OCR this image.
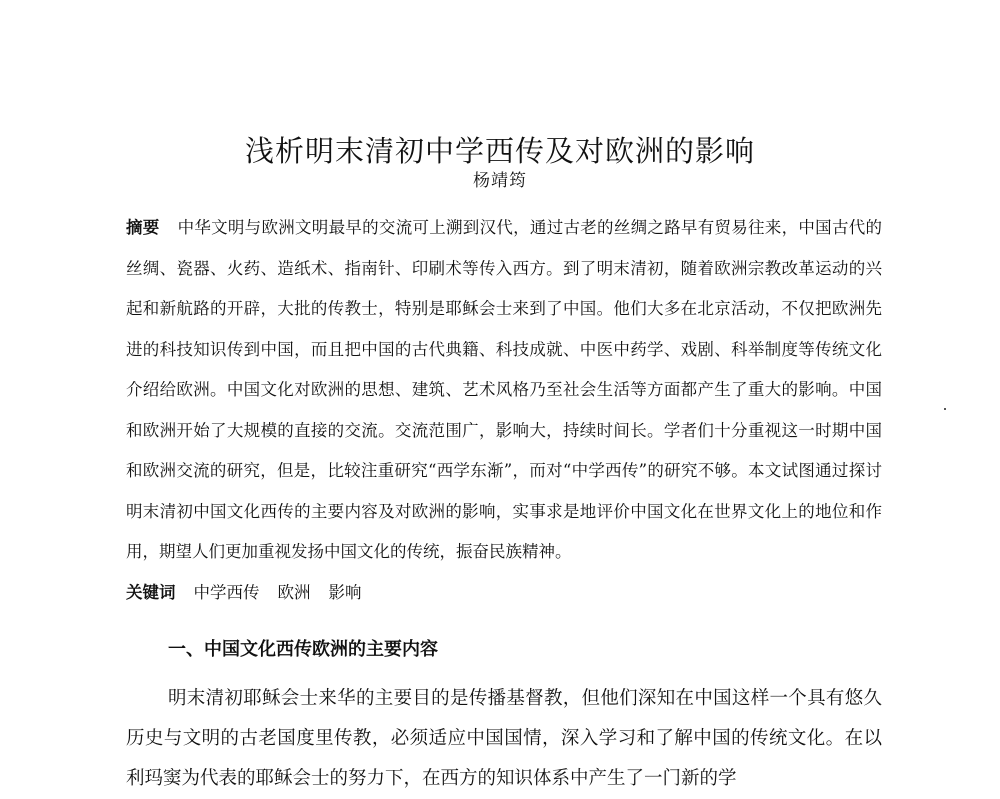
浅析明末清初中学西传及对欧洲的影响
杨靖筠
摘要 中华文明与欧洲文明最早的交流可上溯到汉代，通过古老的丝绸之路早有贸易往来，中国古代的丝绸、瓷器、火药、造纸术、指南针、印刷术等传入西方。到了明末清初，随着欧洲宗教改革运动的兴起和新航路的开辟，大批的传教士，特别是耶稣会士来到了中国。他们大多在北京活动，不仅把欧洲先进的科技知识传到中国，而且把中国的古代典籍、科技成就、中医中药学、戏剧、科举制度等传统文化介绍给欧洲。中国文化对欧洲的思想、建筑、艺术风格乃至社会生活等方面都产生了重大的影响。中国和欧洲开始了大规模的直接的交流。交流范围广，影响大，持续时间长。学者们十分重视这一时期中国和欧洲交流的研究，但是，比较注重研究“西学东渐”，而对“中学西传”的研究不够。本文试图通过探讨明末清初中国文化西传的主要内容及对欧洲的影响，实事求是地评价中国文化在世界文化上的地位和作用，期望人们更加重视发扬中国文化的传统，振奋民族精神。
关键词 中学西传 欧洲 影响
一、中国文化西传欧洲的主要内容

明末清初耶稣会士来华的主要目的是传播基督教，但他们深知在中国这样一个具有悠久历史与文明的古老国度里传教，必须适应中国国情，深入学习和了解中国的传统文化。在以利玛窦为代表的耶稣会士的努力下，在西方的知识体系中产生了一门新的学
